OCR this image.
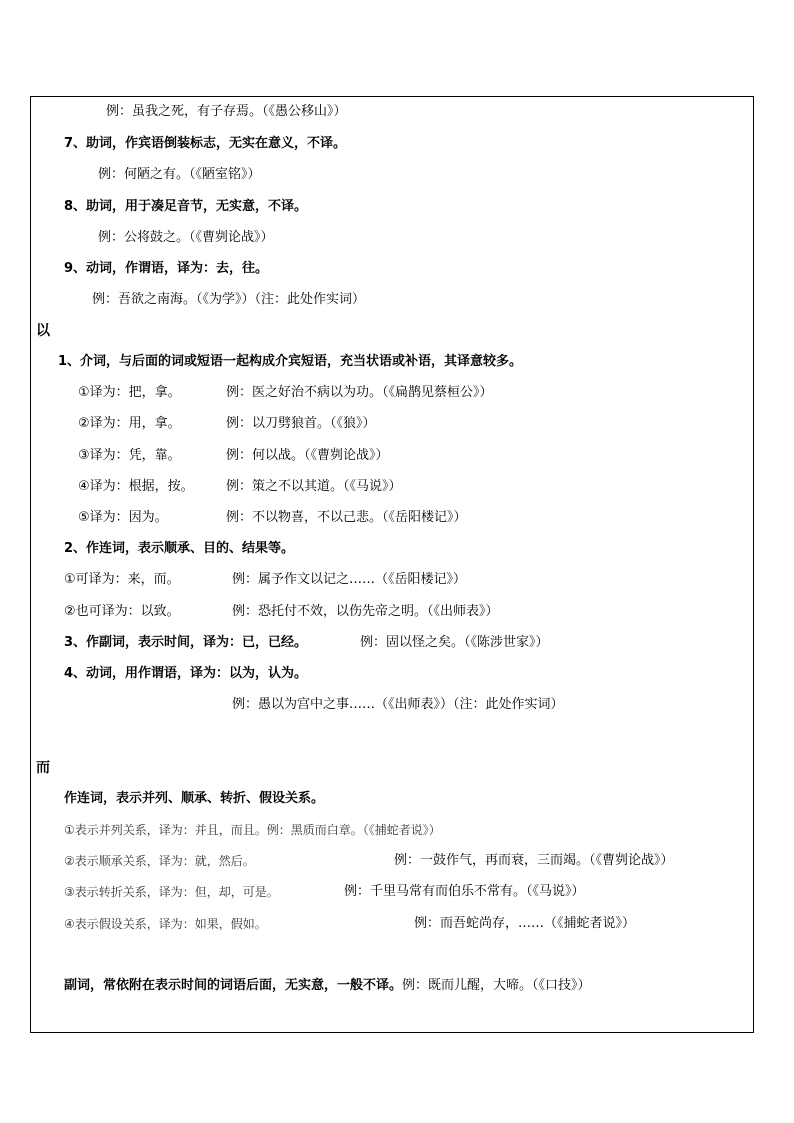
例：虽我之死，有子存焉。（《愚公移山》）
7、助词，作宾语倒装标志，无实在意义，不译。
例：何陋之有。（《陋室铭》）
8、助词，用于凑足音节，无实意，不译。
例：公将鼓之。（《曹刿论战》）
9、动词，作谓语，译为：去，往。
例：吾欲之南海。（《为学》）（注：此处作实词）
以
1、介词，与后面的词或短语一起构成介宾短语，充当状语或补语，其译意较多。
①译为：把，拿。	例：医之好治不病以为功。（《扁鹊见蔡桓公》）
②译为：用，拿。	例：以刀劈狼首。（《狼》）
③译为：凭，靠。	例：何以战。（《曹刿论战》）
④译为：根据，按。 例：策之不以其道。（《马说》）
⑤译为：因为。	例：不以物喜，不以己悲。（《岳阳楼记》）
2、作连词，表示顺承、目的、结果等。
①可译为：来，而。	例：属予作文以记之……（《岳阳楼记》）
②也可译为：以致。	例：恐托付不效，以伤先帝之明。（《出师表》）
3、作副词，表示时间，译为：已，已经。	例：固以怪之矣。（《陈涉世家》）
4、动词，用作谓语，译为：以为，认为。
例：愚以为宫中之事……（《出师表》）（注：此处作实词）
而
作连词，表示并列、顺承、转折、假设关系。
①表示并列关系，译为：并且，而且。例：黑质而白章。（《捕蛇者说》）
②表示顺承关系，译为：就，然后。	例：一鼓作气，再而衰，三而竭。（《曹刿论战》）
③表示转折关系，译为：但，却，可是。	例：千里马常有而伯乐不常有。（《马说》）
④表示假设关系，译为：如果，假如。	例：而吾蛇尚存，……（《捕蛇者说》）
副词，常依附在表示时间的词语后面，无实意，一般不译。例：既而儿醒，大啼。（《口技》）
